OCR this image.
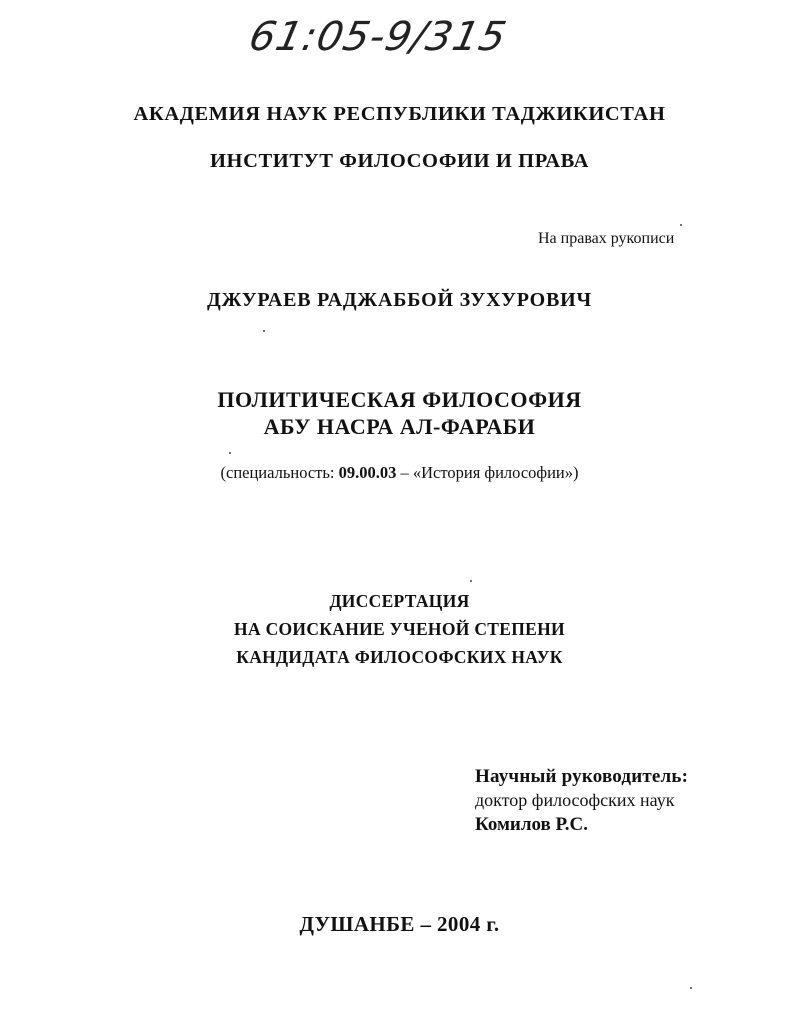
61:05-9/315
АКАДЕМИЯ НАУК РЕСПУБЛИКИ ТАДЖИКИСТАН
ИНСТИТУТ ФИЛОСОФИИ И ПРАВА
На правах рукописи
ДЖУРАЕВ РАДЖАББОЙ ЗУХУРОВИЧ
ПОЛИТИЧЕСКАЯ ФИЛОСОФИЯ
АБУ НАСРА АЛ-ФАРАБИ
(специальность: 09.00.03 – «История философии»)
ДИССЕРТАЦИЯ
НА СОИСКАНИЕ УЧЕНОЙ СТЕПЕНИ
КАНДИДАТА ФИЛОСОФСКИХ НАУК
Научный руководитель:
доктор философских наук
Комилов Р.С.
ДУШАНБЕ – 2004 г.
